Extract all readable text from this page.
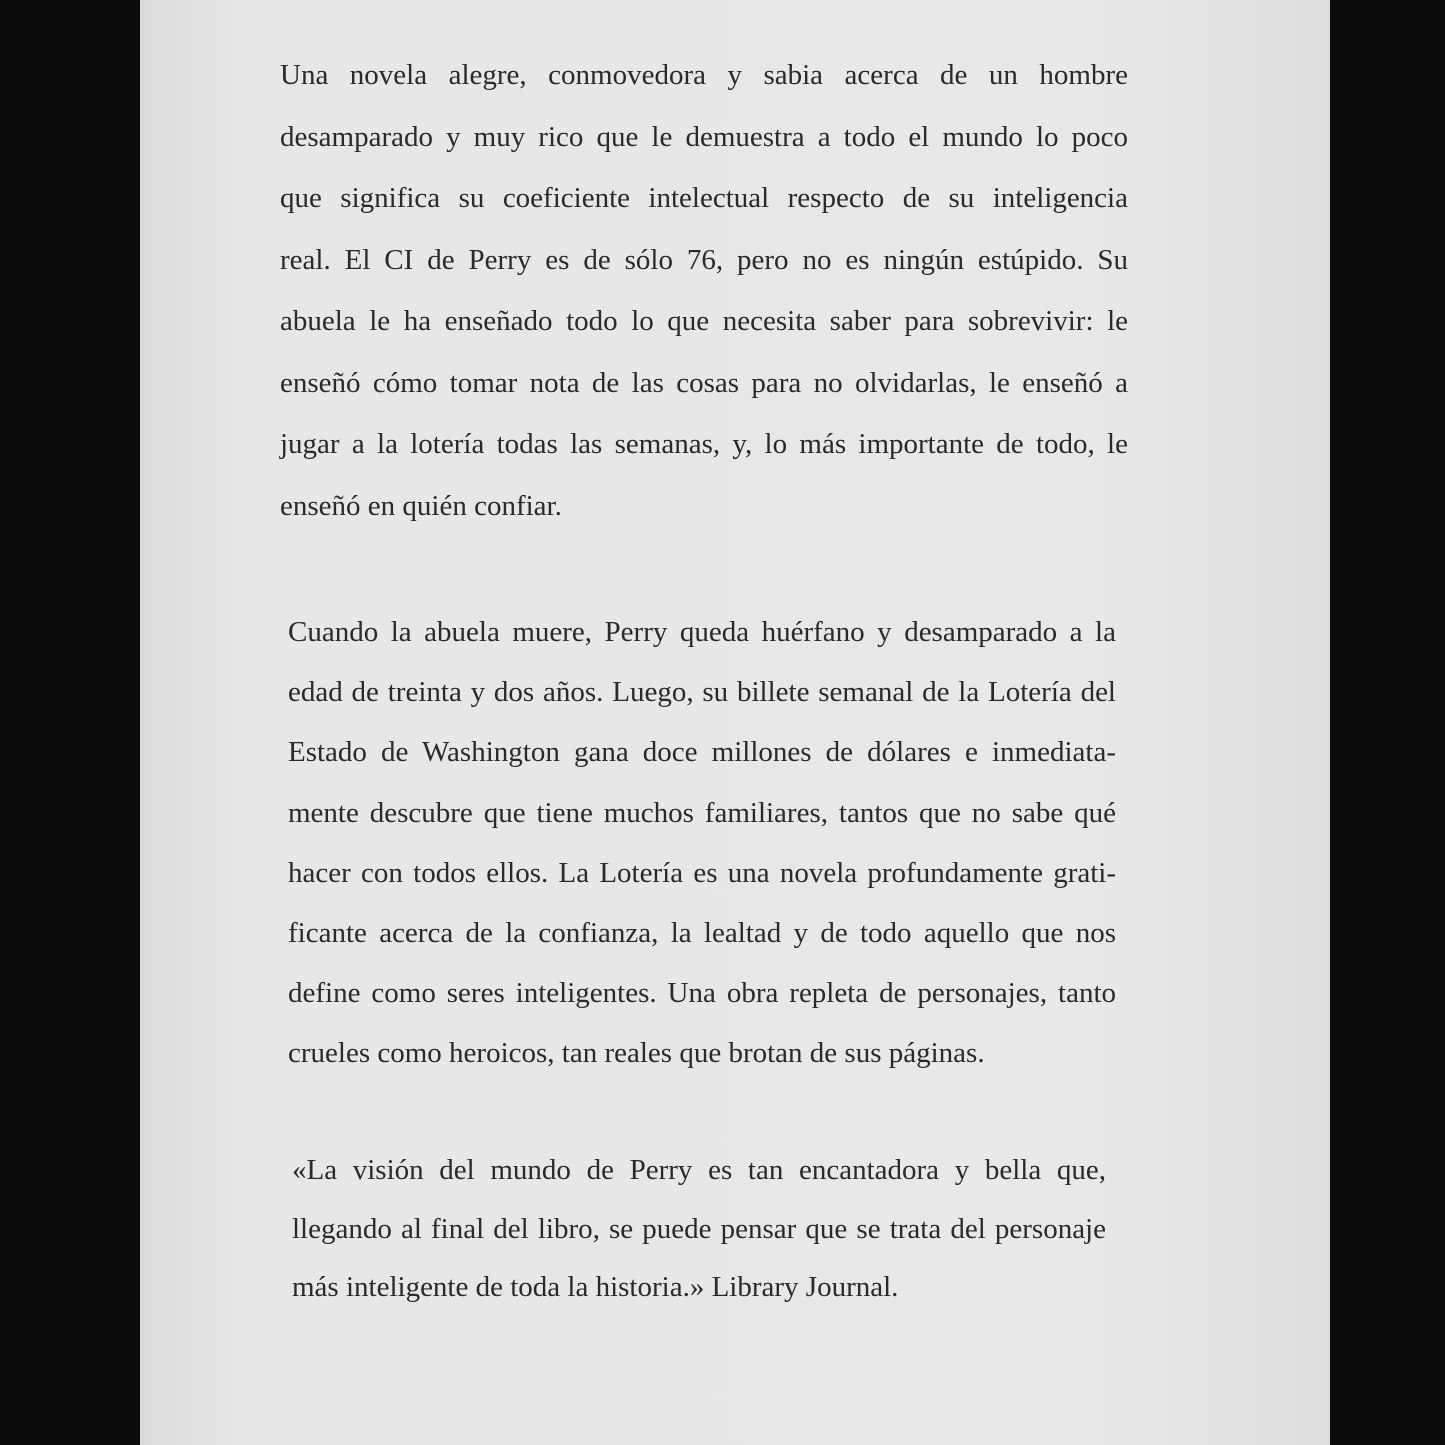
Una novela alegre, conmovedora y sabia acerca de un hombre
desamparado y muy rico que le demuestra a todo el mundo lo poco
que significa su coeficiente intelectual respecto de su inteligencia
real. El CI de Perry es de sólo 76, pero no es ningún estúpido. Su
abuela le ha enseñado todo lo que necesita saber para sobrevivir: le
enseñó cómo tomar nota de las cosas para no olvidarlas, le enseñó a
jugar a la lotería todas las semanas, y, lo más importante de todo, le
enseñó en quién confiar.
Cuando la abuela muere, Perry queda huérfano y desamparado a la
edad de treinta y dos años. Luego, su billete semanal de la Lotería del
Estado de Washington gana doce millones de dólares e inmediata-
mente descubre que tiene muchos familiares, tantos que no sabe qué
hacer con todos ellos. La Lotería es una novela profundamente grati-
ficante acerca de la confianza, la lealtad y de todo aquello que nos
define como seres inteligentes. Una obra repleta de personajes, tanto
crueles como heroicos, tan reales que brotan de sus páginas.
«La visión del mundo de Perry es tan encantadora y bella que,
llegando al final del libro, se puede pensar que se trata del personaje
más inteligente de toda la historia.» Library Journal.
